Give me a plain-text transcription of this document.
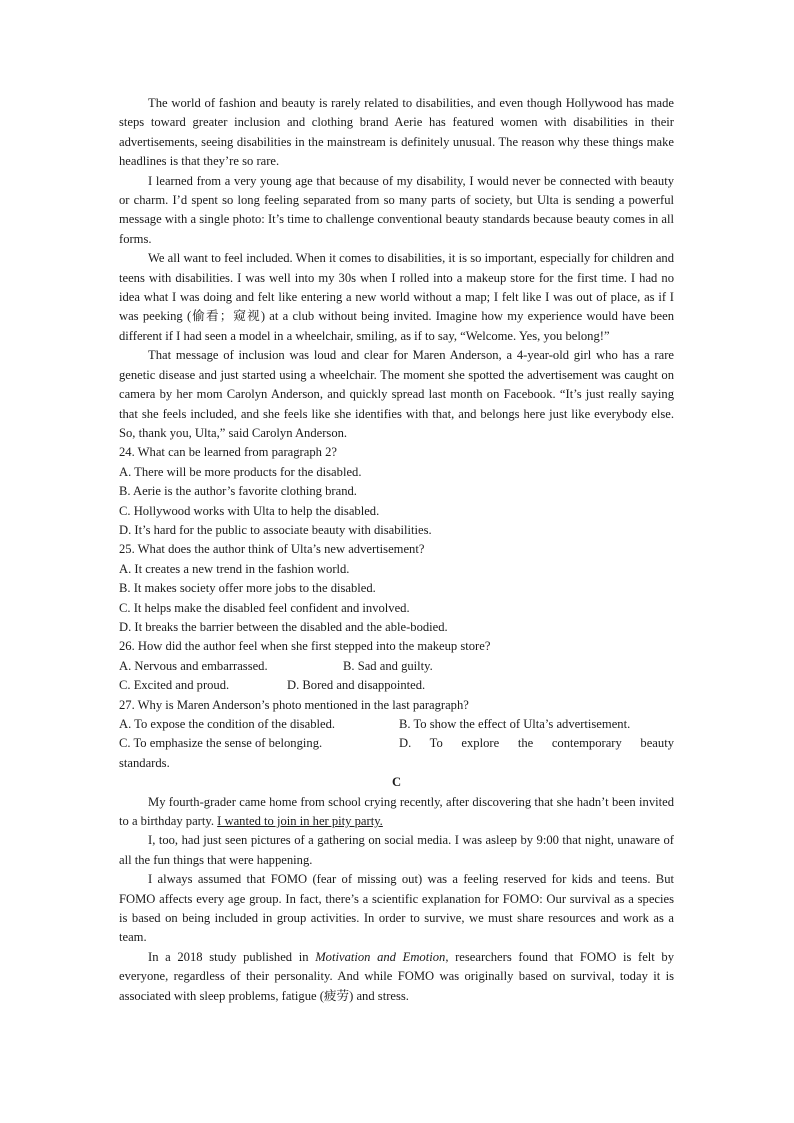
The world of fashion and beauty is rarely related to disabilities, and even though Hollywood has made steps toward greater inclusion and clothing brand Aerie has featured women with disabilities in their advertisements, seeing disabilities in the mainstream is definitely unusual. The reason why these things make headlines is that they’re so rare.

I learned from a very young age that because of my disability, I would never be connected with beauty or charm. I’d spent so long feeling separated from so many parts of society, but Ulta is sending a powerful message with a single photo: It’s time to challenge conventional beauty standards because beauty comes in all forms.

We all want to feel included. When it comes to disabilities, it is so important, especially for children and teens with disabilities. I was well into my 30s when I rolled into a makeup store for the first time. I had no idea what I was doing and felt like entering a new world without a map; I felt like I was out of place, as if I was peeking (偷看；窥视) at a club without being invited. Imagine how my experience would have been different if I had seen a model in a wheelchair, smiling, as if to say, “Welcome. Yes, you belong!”

That message of inclusion was loud and clear for Maren Anderson, a 4-year-old girl who has a rare genetic disease and just started using a wheelchair. The moment she spotted the advertisement was caught on camera by her mom Carolyn Anderson, and quickly spread last month on Facebook. “It’s just really saying that she feels included, and she feels like she identifies with that, and belongs here just like everybody else. So, thank you, Ulta,” said Carolyn Anderson.

24. What can be learned from paragraph 2?

A. There will be more products for the disabled.

B. Aerie is the author’s favorite clothing brand.

C. Hollywood works with Ulta to help the disabled.

D. It’s hard for the public to associate beauty with disabilities.

25. What does the author think of Ulta’s new advertisement?

A. It creates a new trend in the fashion world.

B. It makes society offer more jobs to the disabled.

C. It helps make the disabled feel confident and involved.

D. It breaks the barrier between the disabled and the able-bodied.

26. How did the author feel when she first stepped into the makeup store?

A. Nervous and embarrassed.	B. Sad and guilty.
C. Excited and proud.	D. Bored and disappointed.

27. Why is Maren Anderson’s photo mentioned in the last paragraph?

A. To expose the condition of the disabled.	B. To show the effect of Ulta’s advertisement.
C. To emphasize the sense of belonging.	D. To explore the contemporary beauty

standards.

C

My fourth-grader came home from school crying recently, after discovering that she hadn’t been invited to a birthday party. I wanted to join in her pity party.

I, too, had just seen pictures of a gathering on social media. I was asleep by 9:00 that night, unaware of all the fun things that were happening.

I always assumed that FOMO (fear of missing out) was a feeling reserved for kids and teens. But FOMO affects every age group. In fact, there’s a scientific explanation for FOMO: Our survival as a species is based on being included in group activities. In order to survive, we must share resources and work as a team.

In a 2018 study published in Motivation and Emotion, researchers found that FOMO is felt by everyone, regardless of their personality. And while FOMO was originally based on survival, today it is associated with sleep problems, fatigue (疲劳) and stress.
